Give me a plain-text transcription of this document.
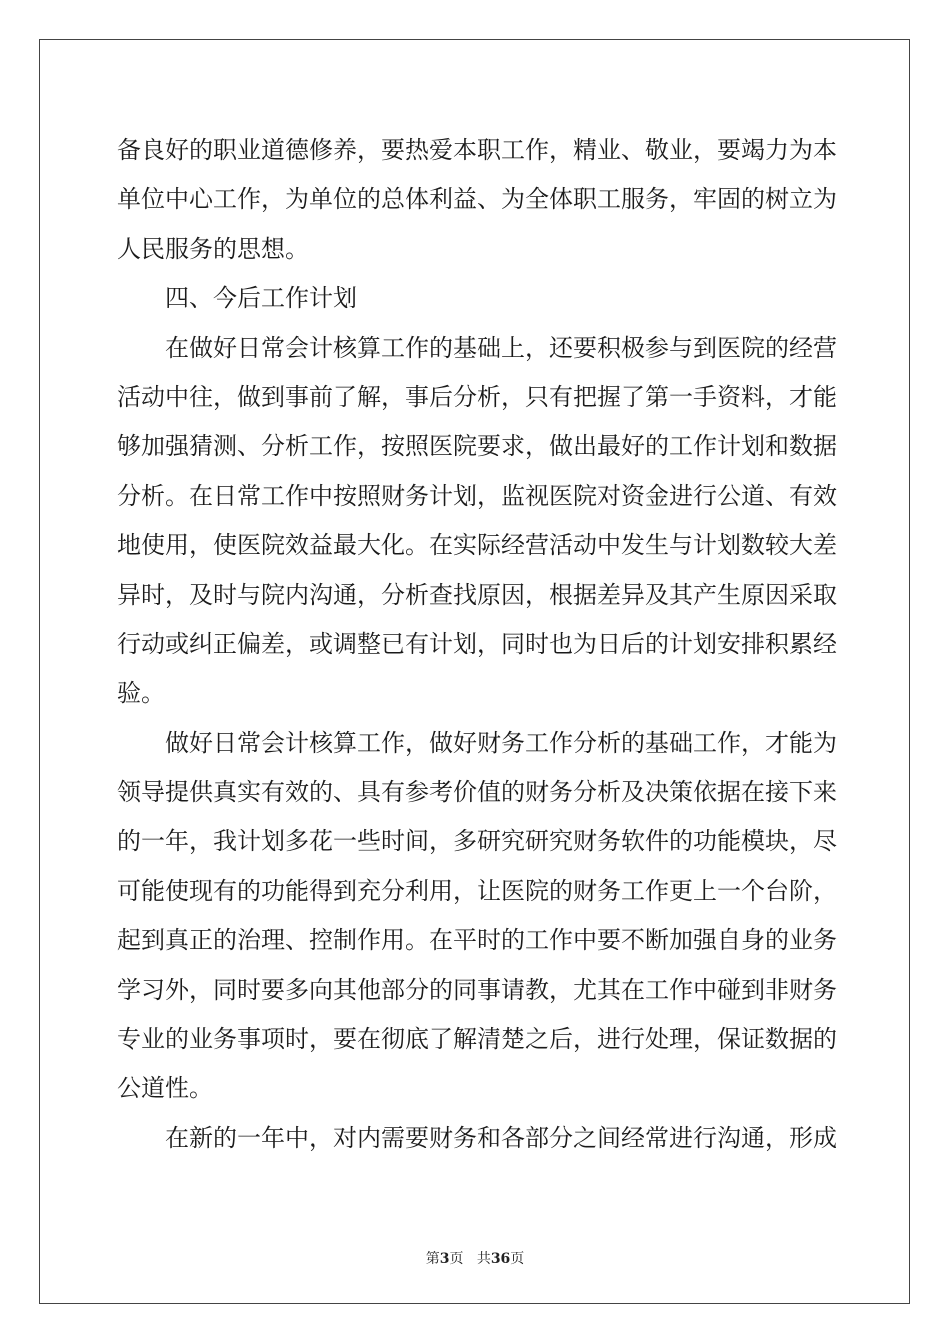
备良好的职业道德修养，要热爱本职工作，精业、敬业，要竭力为本
单位中心工作，为单位的总体利益、为全体职工服务，牢固的树立为
人民服务的思想。
四、今后工作计划
在做好日常会计核算工作的基础上，还要积极参与到医院的经营
活动中往，做到事前了解，事后分析，只有把握了第一手资料，才能
够加强猜测、分析工作，按照医院要求，做出最好的工作计划和数据
分析。在日常工作中按照财务计划，监视医院对资金进行公道、有效
地使用，使医院效益最大化。在实际经营活动中发生与计划数较大差
异时，及时与院内沟通，分析查找原因，根据差异及其产生原因采取
行动或纠正偏差，或调整已有计划，同时也为日后的计划安排积累经
验。
做好日常会计核算工作，做好财务工作分析的基础工作，才能为
领导提供真实有效的、具有参考价值的财务分析及决策依据在接下来
的一年，我计划多花一些时间，多研究研究财务软件的功能模块，尽
可能使现有的功能得到充分利用，让医院的财务工作更上一个台阶，
起到真正的治理、控制作用。在平时的工作中要不断加强自身的业务
学习外，同时要多向其他部分的同事请教，尤其在工作中碰到非财务
专业的业务事项时，要在彻底了解清楚之后，进行处理，保证数据的
公道性。
在新的一年中，对内需要财务和各部分之间经常进行沟通，形成
第3页 共36页
